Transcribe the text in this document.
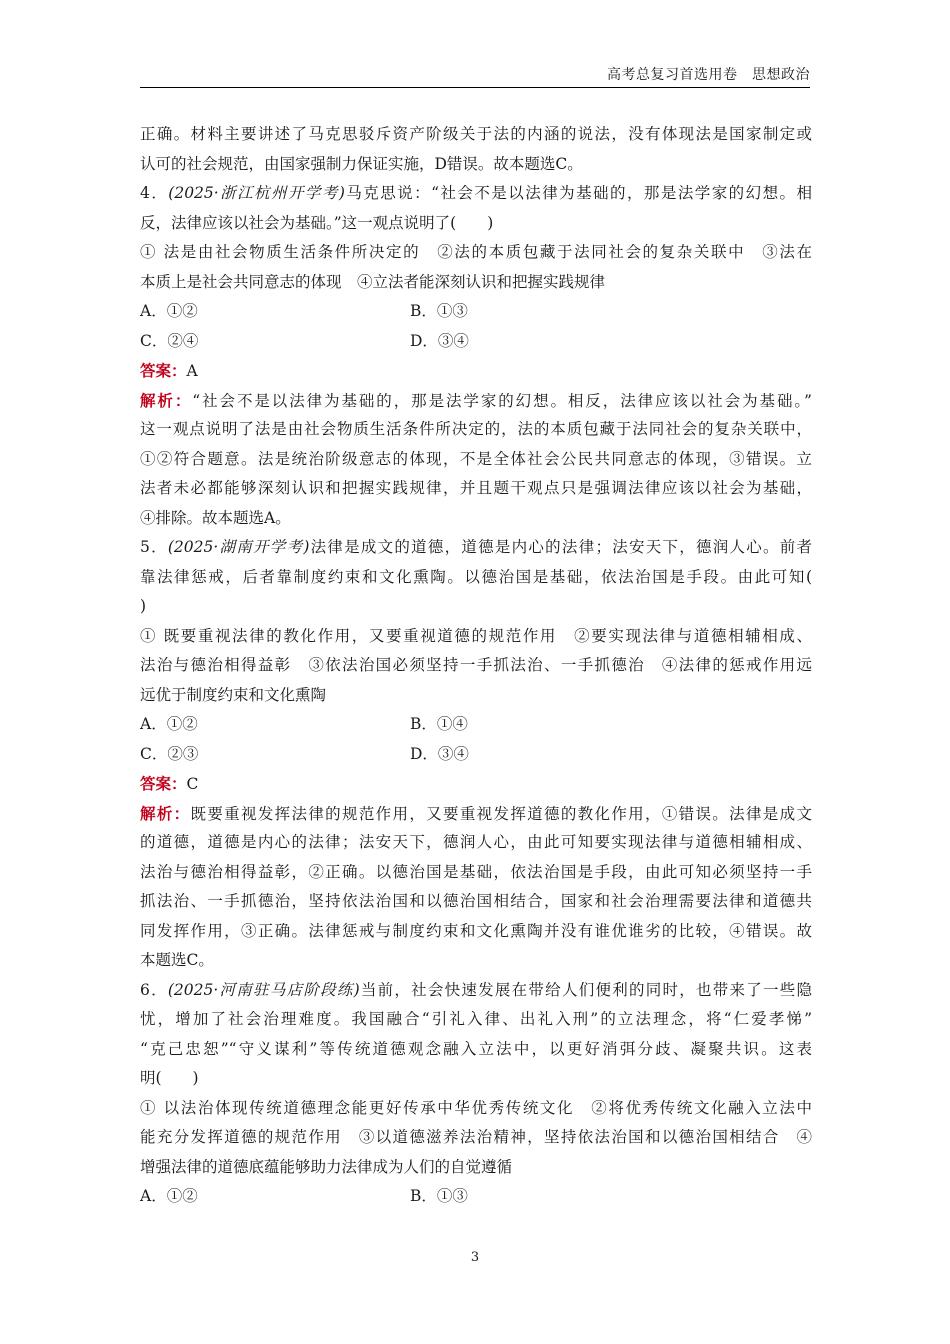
高考总复习首选用卷　思想政治
正确。材料主要讲述了马克思驳斥资产阶级关于法的内涵的说法，没有体现法是国家制定或
认可的社会规范，由国家强制力保证实施，D错误。故本题选C。
4．(2025·浙江杭州开学考)马克思说：“社会不是以法律为基础的，那是法学家的幻想。相
反，法律应该以社会为基础。”这一观点说明了(　　)
① 法是由社会物质生活条件所决定的　②法的本质包藏于法同社会的复杂关联中　③法在
本质上是社会共同意志的体现　④立法者能深刻认识和把握实践规律
A．①②	B．①③
C．②④	D．③④
答案：A
解析：“社会不是以法律为基础的，那是法学家的幻想。相反，法律应该以社会为基础。”
这一观点说明了法是由社会物质生活条件所决定的，法的本质包藏于法同社会的复杂关联中，
①②符合题意。法是统治阶级意志的体现，不是全体社会公民共同意志的体现，③错误。立
法者未必都能够深刻认识和把握实践规律，并且题干观点只是强调法律应该以社会为基础，
④排除。故本题选A。
5．(2025·湖南开学考)法律是成文的道德，道德是内心的法律；法安天下，德润人心。前者
靠法律惩戒，后者靠制度约束和文化熏陶。以德治国是基础，依法治国是手段。由此可知(
)
① 既要重视法律的教化作用，又要重视道德的规范作用　②要实现法律与道德相辅相成、
法治与德治相得益彰　③依法治国必须坚持一手抓法治、一手抓德治　④法律的惩戒作用远
远优于制度约束和文化熏陶
A．①②	B．①④
C．②③	D．③④
答案：C
解析：既要重视发挥法律的规范作用，又要重视发挥道德的教化作用，①错误。法律是成文
的道德，道德是内心的法律；法安天下，德润人心，由此可知要实现法律与道德相辅相成、
法治与德治相得益彰，②正确。以德治国是基础，依法治国是手段，由此可知必须坚持一手
抓法治、一手抓德治，坚持依法治国和以德治国相结合，国家和社会治理需要法律和道德共
同发挥作用，③正确。法律惩戒与制度约束和文化熏陶并没有谁优谁劣的比较，④错误。故
本题选C。
6．(2025·河南驻马店阶段练)当前，社会快速发展在带给人们便利的同时，也带来了一些隐
忧，增加了社会治理难度。我国融合“引礼入律、出礼入刑”的立法理念，将“仁爱孝悌”
“克己忠恕”“守义谋利”等传统道德观念融入立法中，以更好消弭分歧、凝聚共识。这表
明(　　)
① 以法治体现传统道德理念能更好传承中华优秀传统文化　②将优秀传统文化融入立法中
能充分发挥道德的规范作用　③以道德滋养法治精神，坚持依法治国和以德治国相结合　④
增强法律的道德底蕴能够助力法律成为人们的自觉遵循
A．①②	B．①③
3
